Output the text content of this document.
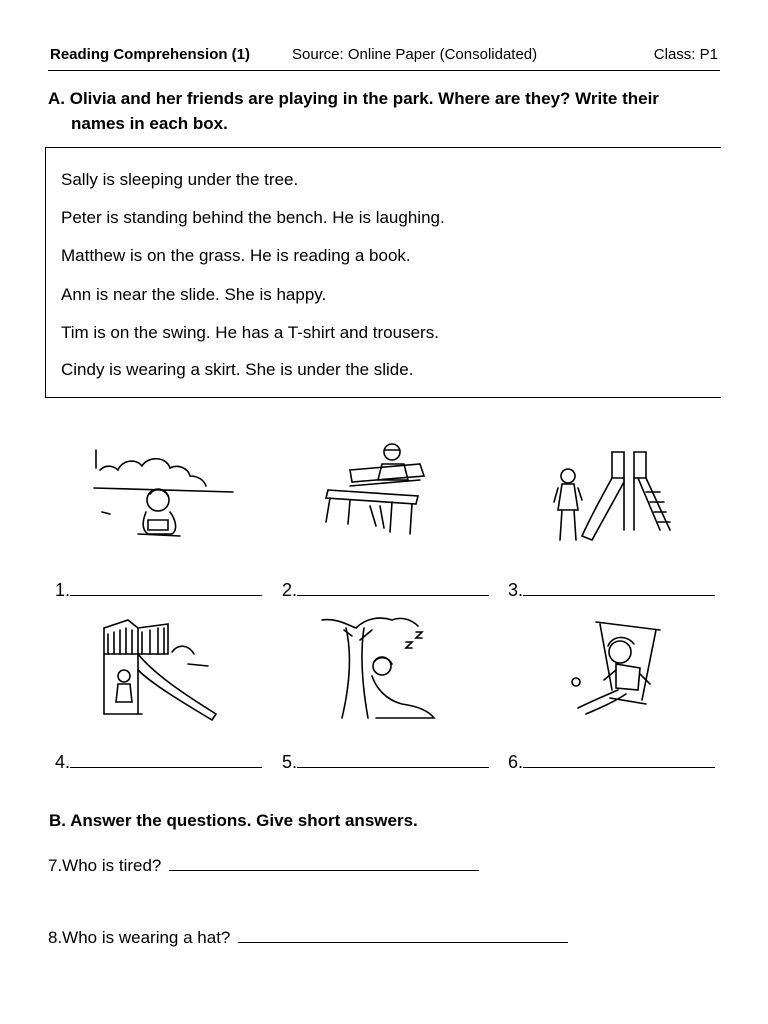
Reading Comprehension (1)	Source: Online Paper (Consolidated)	Class: P1
A. Olivia and her friends are playing in the park. Where are they? Write their
names in each box.
Sally is sleeping under the tree.
Peter is standing behind the bench. He is laughing.
Matthew is on the grass. He is reading a book.
Ann is near the slide. She is happy.
Tim is on the swing. He has a T-shirt and trousers.
Cindy is wearing a skirt. She is under the slide.
1.	2.	3.
4.	5.	6.
B. Answer the questions. Give short answers.
7.Who is tired?
8.Who is wearing a hat?
